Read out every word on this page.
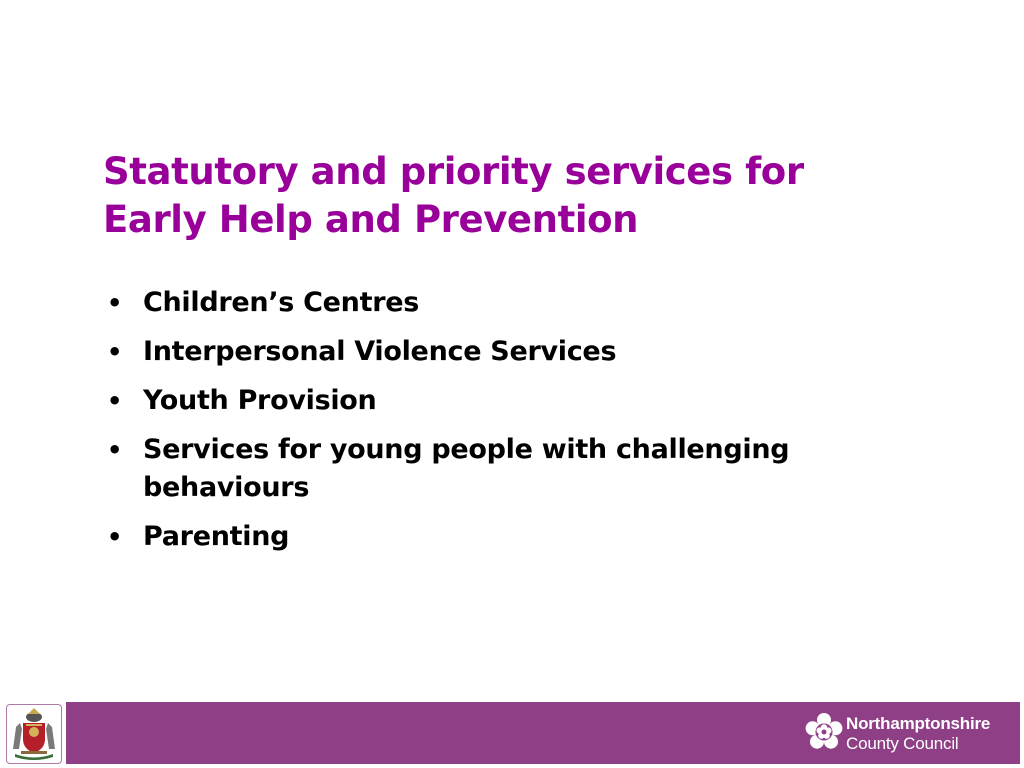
Statutory and priority services for
Early Help and Prevention
• Children’s Centres
• Interpersonal Violence Services
• Youth Provision
• Services for young people with challenging behaviours
• Parenting
Northamptonshire
County Council
